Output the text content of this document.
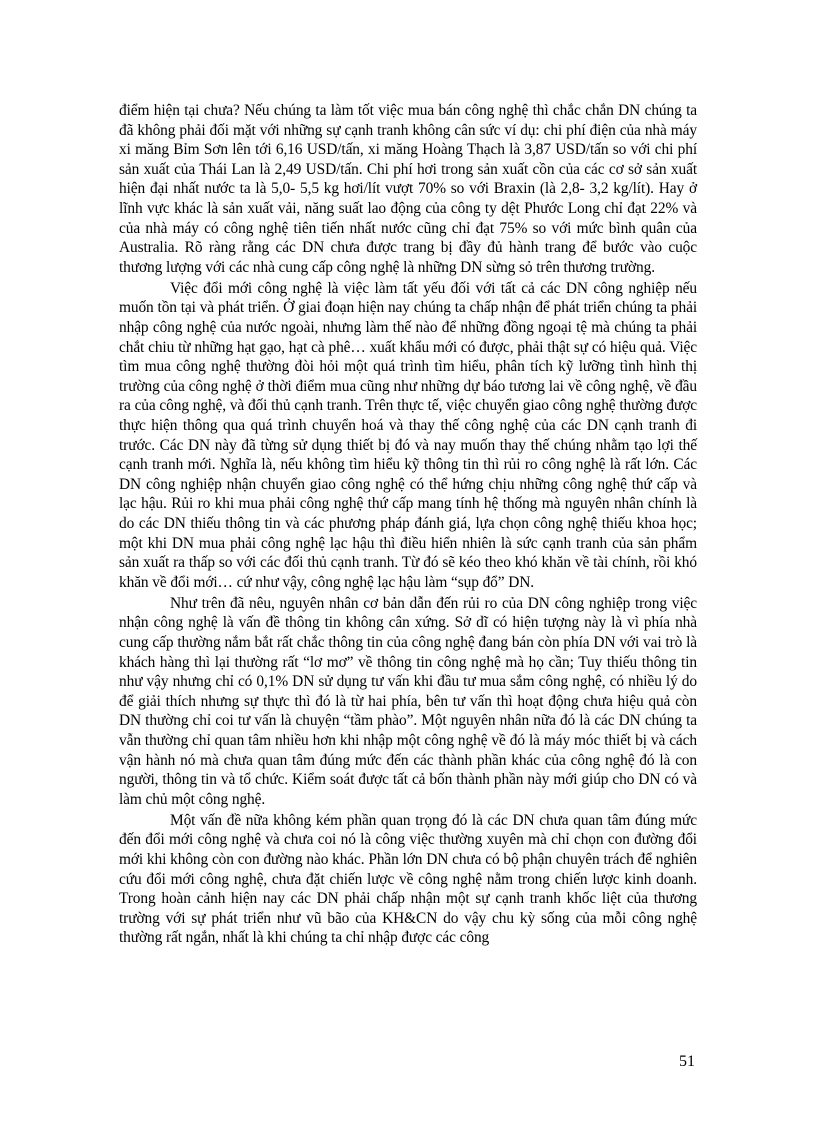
điểm hiện tại chưa? Nếu chúng ta làm tốt việc mua bán công nghệ thì chắc chắn DN chúng ta đã không phải đối mặt với những sự cạnh tranh không cân sức ví dụ: chi phí điện của nhà máy xi măng Bỉm Sơn lên tới 6,16 USD/tấn, xi măng Hoàng Thạch là 3,87 USD/tấn so với chi phí sản xuất của Thái Lan là 2,49 USD/tấn. Chi phí hơi trong sản xuất cồn của các cơ sở sản xuất hiện đại nhất nước ta là 5,0- 5,5 kg hơi/lít vượt 70% so với Braxin (là 2,8- 3,2 kg/lít). Hay ở lĩnh vực khác là sản xuất vải, năng suất lao động của công ty dệt Phước Long chỉ đạt 22% và của nhà máy có công nghệ tiên tiến nhất nước cũng chỉ đạt 75% so với mức bình quân của Australia. Rõ ràng rằng các DN chưa được trang bị đầy đủ hành trang để bước vào cuộc thương lượng với các nhà cung cấp công nghệ là những DN sừng sỏ trên thương trường.

Việc đổi mới công nghệ là việc làm tất yếu đối với tất cả các DN công nghiệp nếu muốn tồn tại và phát triển. Ở giai đoạn hiện nay chúng ta chấp nhận để phát triển chúng ta phải nhập công nghệ của nước ngoài, nhưng làm thế nào để những đồng ngoại tệ mà chúng ta phải chắt chiu từ những hạt gạo, hạt cà phê… xuất khẩu mới có được, phải thật sự có hiệu quả. Việc tìm mua công nghệ thường đòi hỏi một quá trình tìm hiểu, phân tích kỹ lưỡng tình hình thị trường của công nghệ ở thời điểm mua cũng như những dự báo tương lai về công nghệ, về đầu ra của công nghệ, và đối thủ cạnh tranh. Trên thực tế, việc chuyển giao công nghệ thường được thực hiện thông qua quá trình chuyển hoá và thay thế công nghệ của các DN cạnh tranh đi trước. Các DN này đã từng sử dụng thiết bị đó và nay muốn thay thế chúng nhằm tạo lợi thế cạnh tranh mới. Nghĩa là, nếu không tìm hiểu kỹ thông tin thì rủi ro công nghệ là rất lớn. Các DN công nghiệp nhận chuyển giao công nghệ có thể hứng chịu những công nghệ thứ cấp và lạc hậu. Rủi ro khi mua phải công nghệ thứ cấp mang tính hệ thống mà nguyên nhân chính là do các DN thiếu thông tin và các phương pháp đánh giá, lựa chọn công nghệ thiếu khoa học; một khi DN mua phải công nghệ lạc hậu thì điều hiển nhiên là sức cạnh tranh của sản phẩm sản xuất ra thấp so với các đối thủ cạnh tranh. Từ đó sẽ kéo theo khó khăn về tài chính, rồi khó khăn về đổi mới… cứ như vậy, công nghệ lạc hậu làm “sụp đổ” DN.

Như trên đã nêu, nguyên nhân cơ bản dẫn đến rủi ro của DN công nghiệp trong việc nhận công nghệ là vấn đề thông tin không cân xứng. Sở dĩ có hiện tượng này là vì phía nhà cung cấp thường nắm bắt rất chắc thông tin của công nghệ đang bán còn phía DN với vai trò là khách hàng thì lại thường rất “lơ mơ” về thông tin công nghệ mà họ cần; Tuy thiếu thông tin như vậy nhưng chỉ có 0,1% DN sử dụng tư vấn khi đầu tư mua sắm công nghệ, có nhiều lý do để giải thích nhưng sự thực thì đó là từ hai phía, bên tư vấn thì hoạt động chưa hiệu quả còn DN thường chỉ coi tư vấn là chuyện “tầm phào”. Một nguyên nhân nữa đó là các DN chúng ta vẫn thường chỉ quan tâm nhiều hơn khi nhập một công nghệ về đó là máy móc thiết bị và cách vận hành nó mà chưa quan tâm đúng mức đến các thành phần khác của công nghệ đó là con người, thông tin và tổ chức. Kiểm soát được tất cả bốn thành phần này mới giúp cho DN có và làm chủ một công nghệ.

Một vấn đề nữa không kém phần quan trọng đó là các DN chưa quan tâm đúng mức đến đổi mới công nghệ và chưa coi nó là công việc thường xuyên mà chỉ chọn con đường đổi mới khi không còn con đường nào khác. Phần lớn DN chưa có bộ phận chuyên trách để nghiên cứu đổi mới công nghệ, chưa đặt chiến lược về công nghệ nằm trong chiến lược kinh doanh. Trong hoàn cảnh hiện nay các DN phải chấp nhận một sự cạnh tranh khốc liệt của thương trường với sự phát triển như vũ bão của KH&CN do vậy chu kỳ sống của mỗi công nghệ thường rất ngắn, nhất là khi chúng ta chỉ nhập được các công

51
